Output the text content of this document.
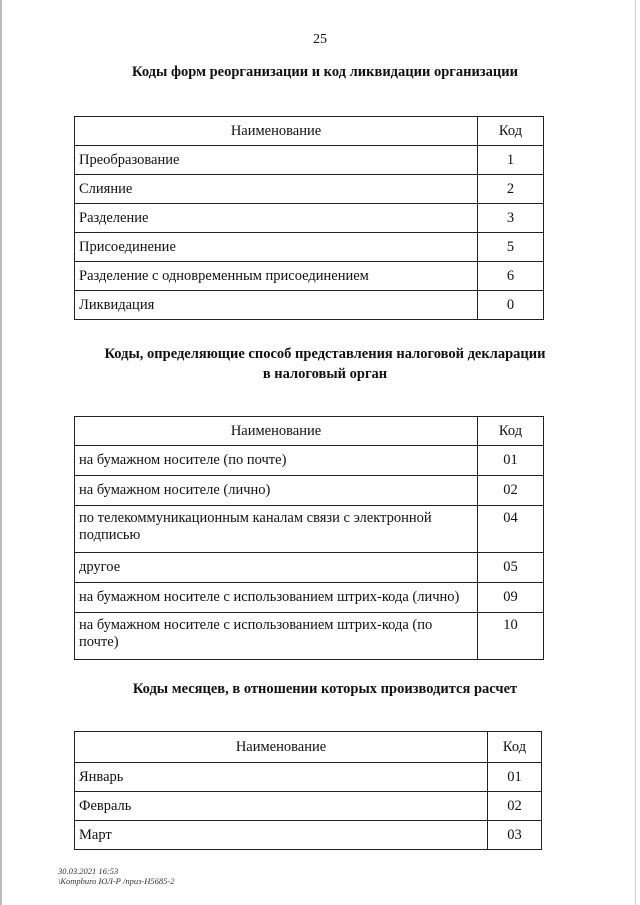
25
Коды форм реорганизации и код ликвидации организации
Наименование	Код
Преобразование	1
Слияние	2
Разделение	3
Присоединение	5
Разделение с одновременным присоединением	6
Ликвидация	0
Коды, определяющие способ представления налоговой декларации
в налоговый орган
Наименование	Код
на бумажном носителе (по почте)	01
на бумажном носителе (лично)	02
по телекоммуникационным каналам связи с электронной подписью	04
другое	05
на бумажном носителе с использованием штрих-кода (лично)	09
на бумажном носителе с использованием штрих-кода (по почте)	10
Коды месяцев, в отношении которых производится расчет
Наименование	Код
Январь	01
Февраль	02
Март	03
30.03.2021 16:53
\Kompburo ЮЛ-Р /приз-H5685-2
